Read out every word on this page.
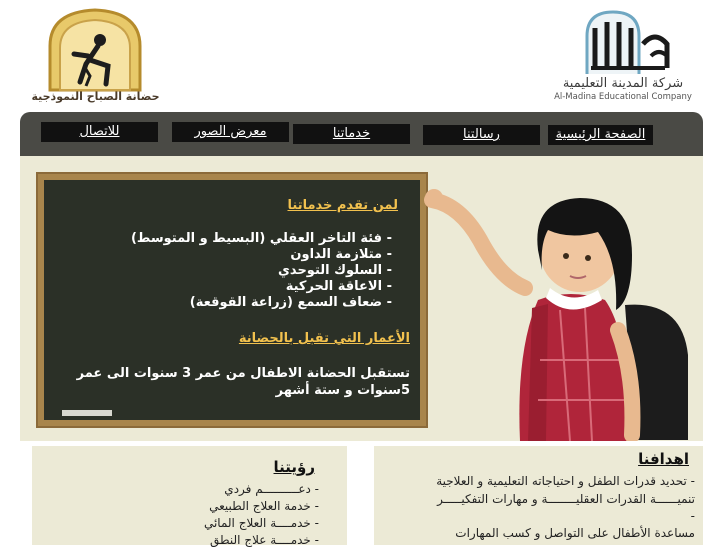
حضانة الصباح النموذجية
شركة المدينة التعليمية
Al-Madina Educational Company
الصفحة الرئيسية
رسالتنا
خدماتنا
معرض الصور
للاتصال
لمن تقدم خدماتنا
- فئة التاخر العقلي (البسيط و المتوسط)
- متلازمة الداون
- السلوك التوحدي
- الاعاقة الحركية
- ضعاف السمع (زراعة القوقعة)
الأعمار التي تقبل بالحضانة
تستقبل الحضانة الاطفال من عمر 3 سنوات الى عمر
5سنوات و ستة أشهر
رؤيتنا
- دعــــــــــم فردي
- خدمة العلاج الطبيعي
- خدمــــة العلاج المائي
- خدمــــة علاج النطق
اهدافنا
- تحديد قدرات الطفل و احتياجاته التعليمية و العلاجية
تنميــــــة القدرات العقليــــــــة و مهارات التفكيـــــر
-
مساعدة الأطفال على التواصل و كسب المهارات
